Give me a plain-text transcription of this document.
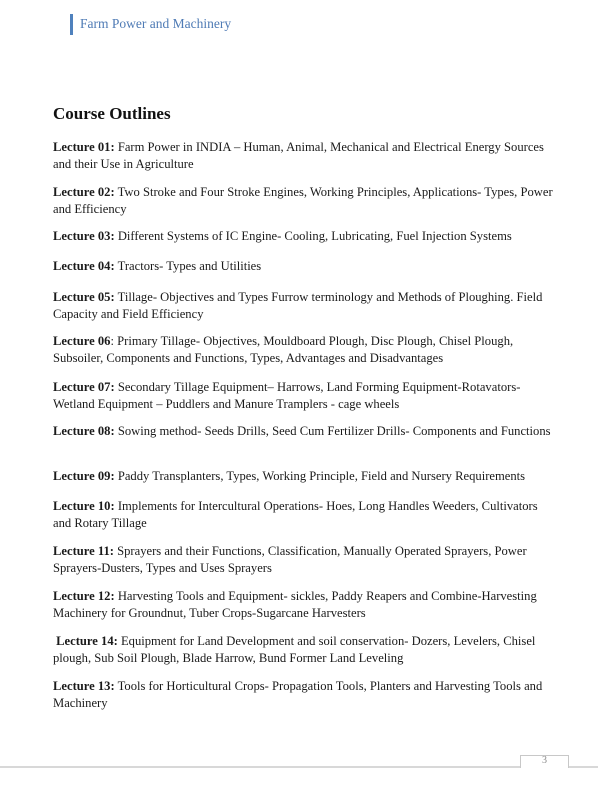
Farm Power and Machinery
Course Outlines
Lecture 01: Farm Power in INDIA – Human, Animal, Mechanical and Electrical Energy Sources and their Use in Agriculture
Lecture 02: Two Stroke and Four Stroke Engines, Working Principles, Applications- Types, Power and Efficiency
Lecture 03: Different Systems of IC Engine- Cooling, Lubricating, Fuel Injection Systems
Lecture 04: Tractors- Types and Utilities
Lecture 05: Tillage- Objectives and Types Furrow terminology and Methods of Ploughing. Field Capacity and Field Efficiency
Lecture 06: Primary Tillage- Objectives, Mouldboard Plough, Disc Plough, Chisel Plough, Subsoiler, Components and Functions, Types, Advantages and Disadvantages
Lecture 07: Secondary Tillage Equipment– Harrows, Land Forming Equipment-Rotavators-Wetland Equipment – Puddlers and Manure Tramplers - cage wheels
Lecture 08: Sowing method- Seeds Drills, Seed Cum Fertilizer Drills- Components and Functions
Lecture 09: Paddy Transplanters, Types, Working Principle, Field and Nursery Requirements
Lecture 10: Implements for Intercultural Operations- Hoes, Long Handles Weeders, Cultivators and Rotary Tillage
Lecture 11: Sprayers and their Functions, Classification, Manually Operated Sprayers, Power Sprayers-Dusters, Types and Uses Sprayers
Lecture 12: Harvesting Tools and Equipment- sickles, Paddy Reapers and Combine-Harvesting Machinery for Groundnut, Tuber Crops-Sugarcane Harvesters
Lecture 14: Equipment for Land Development and soil conservation- Dozers, Levelers, Chisel plough, Sub Soil Plough, Blade Harrow, Bund Former Land Leveling
Lecture 13: Tools for Horticultural Crops- Propagation Tools, Planters and Harvesting Tools and Machinery
3
